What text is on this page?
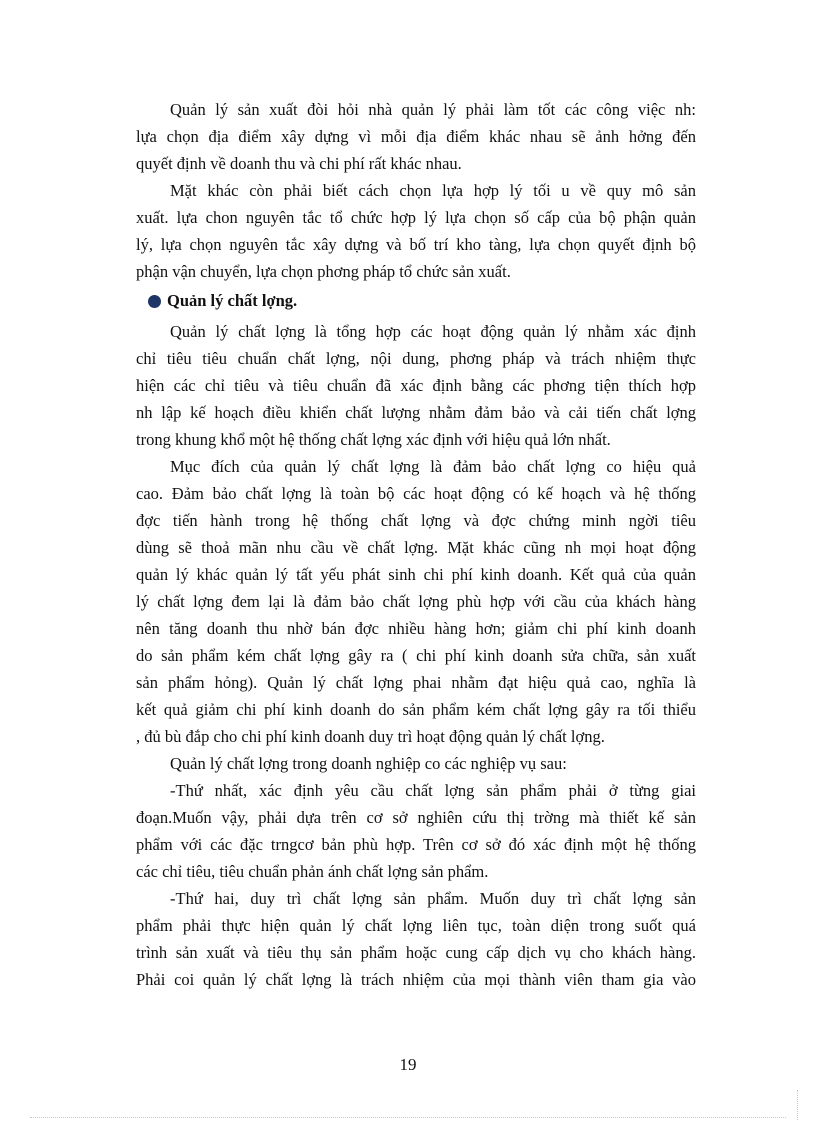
Quản lý sản xuất đòi hỏi nhà quản lý phải làm tốt các công việc nh:
lựa chọn địa điểm xây dựng vì mỗi địa điểm khác nhau sẽ ảnh hởng đến
quyết định về doanh thu và chi phí rất khác nhau.
Mặt khác còn phải biết cách chọn lựa hợp lý tối u về quy mô sản
xuất. lựa chon nguyên tắc tổ chức hợp lý lựa chọn số cấp của bộ phận quản
lý, lựa chọn nguyên tắc xây dựng và bố trí kho tàng, lựa chọn quyết định bộ
phận vận chuyển, lựa chọn phơng pháp tổ chức sản xuất.
Quản lý chất lợng.
Quản lý chất lợng là tổng hợp các hoạt động quản lý nhằm xác định
chỉ tiêu tiêu chuẩn chất lợng, nội dung, phơng pháp và trách nhiệm thực
hiện các chỉ tiêu và tiêu chuẩn đã xác định bằng các phơng tiện thích hợp
nh lập kế hoạch điều khiển chất lượng nhằm đảm bảo và cải tiến chất lợng
trong khung khổ một hệ thống chất lợng xác định với hiệu quả lớn nhất.
Mục đích của quản lý chất lợng là đảm bảo chất lợng co hiệu quả
cao. Đảm bảo chất lợng là toàn bộ các hoạt động có kế hoạch và hệ thống
đợc tiến hành trong hệ thống chất lợng và đợc chứng minh ngời tiêu
dùng sẽ thoả mãn nhu cầu về chất lợng. Mặt khác cũng nh mọi hoạt động
quản lý khác quản lý tất yếu phát sinh chi phí kinh doanh. Kết quả của quản
lý chất lợng đem lại là đảm bảo chất lợng phù hợp với cầu của khách hàng
nên tăng doanh thu nhờ bán đợc nhiều hàng hơn; giảm chi phí kinh doanh
do sản phẩm kém chất lợng gây ra ( chi phí kinh doanh sửa chữa, sản xuất
sản phẩm hỏng). Quản lý chất lợng phai nhằm đạt hiệu quả cao, nghĩa là
kết quả giảm chi phí kinh doanh do sản phẩm kém chất lợng gây ra tối thiểu
, đủ bù đắp cho chi phí kinh doanh duy trì hoạt động quản lý chất lợng.
Quản lý chất lợng trong doanh nghiệp co các nghiệp vụ sau:
-Thứ nhất, xác định yêu cầu chất lợng sản phẩm phải ở từng giai
đoạn.Muốn vậy, phải dựa trên cơ sở nghiên cứu thị trờng mà thiết kế sản
phẩm với các đặc trngcơ bản phù hợp. Trên cơ sở đó xác định một hệ thống
các chỉ tiêu, tiêu chuẩn phản ánh chất lợng sản phẩm.
-Thứ hai, duy trì chất lợng sản phẩm. Muốn duy trì chất lợng sản
phẩm phải thực hiện quản lý chất lợng liên tục, toàn diện trong suốt quá
trình sản xuất và tiêu thụ sản phẩm hoặc cung cấp dịch vụ cho khách hàng.
Phải coi quản lý chất lợng là trách nhiệm của mọi thành viên tham gia vào
19
